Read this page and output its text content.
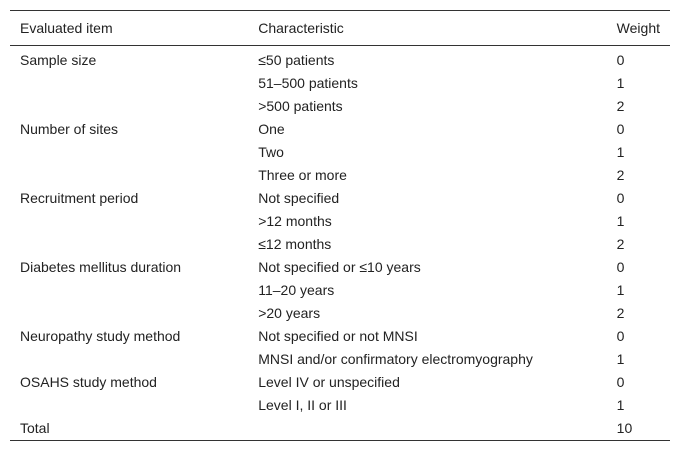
Evaluated item	Characteristic	Weight
Sample size	≤50 patients	0
	51–500 patients	1
	>500 patients	2
Number of sites	One	0
	Two	1
	Three or more	2
Recruitment period	Not specified	0
	>12 months	1
	≤12 months	2
Diabetes mellitus duration	Not specified or ≤10 years	0
	11–20 years	1
	>20 years	2
Neuropathy study method	Not specified or not MNSI	0
	MNSI and/or confirmatory electromyography	1
OSAHS study method	Level IV or unspecified	0
	Level I, II or III	1
Total		10
